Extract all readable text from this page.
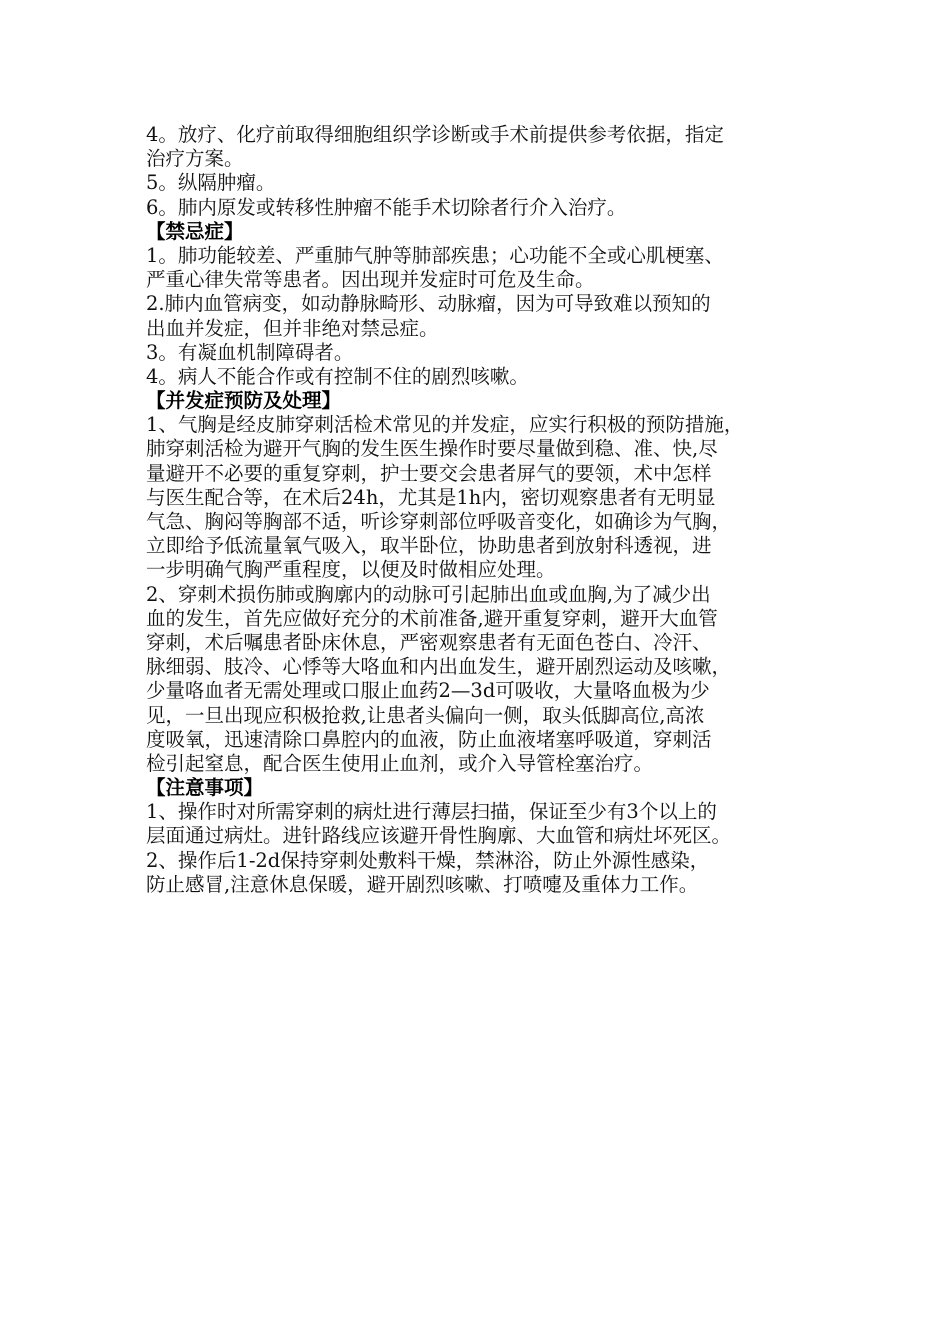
4。放疗、化疗前取得细胞组织学诊断或手术前提供参考依据，指定
治疗方案。
5。纵隔肿瘤。
6。肺内原发或转移性肿瘤不能手术切除者行介入治疗。
【禁忌症】
1。肺功能较差、严重肺气肿等肺部疾患；心功能不全或心肌梗塞、
严重心律失常等患者。因出现并发症时可危及生命。
2.肺内血管病变，如动静脉畸形、动脉瘤，因为可导致难以预知的
出血并发症，但并非绝对禁忌症。
3。有凝血机制障碍者。
4。病人不能合作或有控制不住的剧烈咳嗽。
【并发症预防及处理】
1、气胸是经皮肺穿刺活检术常见的并发症，应实行积极的预防措施，
肺穿刺活检为避开气胸的发生医生操作时要尽量做到稳、准、快,尽
量避开不必要的重复穿刺，护士要交会患者屏气的要领，术中怎样
与医生配合等，在术后24h，尤其是1h内，密切观察患者有无明显
气急、胸闷等胸部不适，听诊穿刺部位呼吸音变化，如确诊为气胸，
立即给予低流量氧气吸入，取半卧位，协助患者到放射科透视，进
一步明确气胸严重程度，以便及时做相应处理。
2、穿刺术损伤肺或胸廓内的动脉可引起肺出血或血胸,为了减少出
血的发生，首先应做好充分的术前准备,避开重复穿刺，避开大血管
穿刺，术后嘱患者卧床休息，严密观察患者有无面色苍白、冷汗、
脉细弱、肢冷、心悸等大咯血和内出血发生，避开剧烈运动及咳嗽，
少量咯血者无需处理或口服止血药2—3d可吸收，大量咯血极为少
见，一旦出现应积极抢救,让患者头偏向一侧，取头低脚高位,高浓
度吸氧，迅速清除口鼻腔内的血液，防止血液堵塞呼吸道，穿刺活
检引起窒息，配合医生使用止血剂，或介入导管栓塞治疗。
【注意事项】
1、操作时对所需穿刺的病灶进行薄层扫描，保证至少有3个以上的
层面通过病灶。进针路线应该避开骨性胸廓、大血管和病灶坏死区。
2、操作后1-2d保持穿刺处敷料干燥，禁淋浴，防止外源性感染，
防止感冒,注意休息保暖，避开剧烈咳嗽、打喷嚏及重体力工作。
